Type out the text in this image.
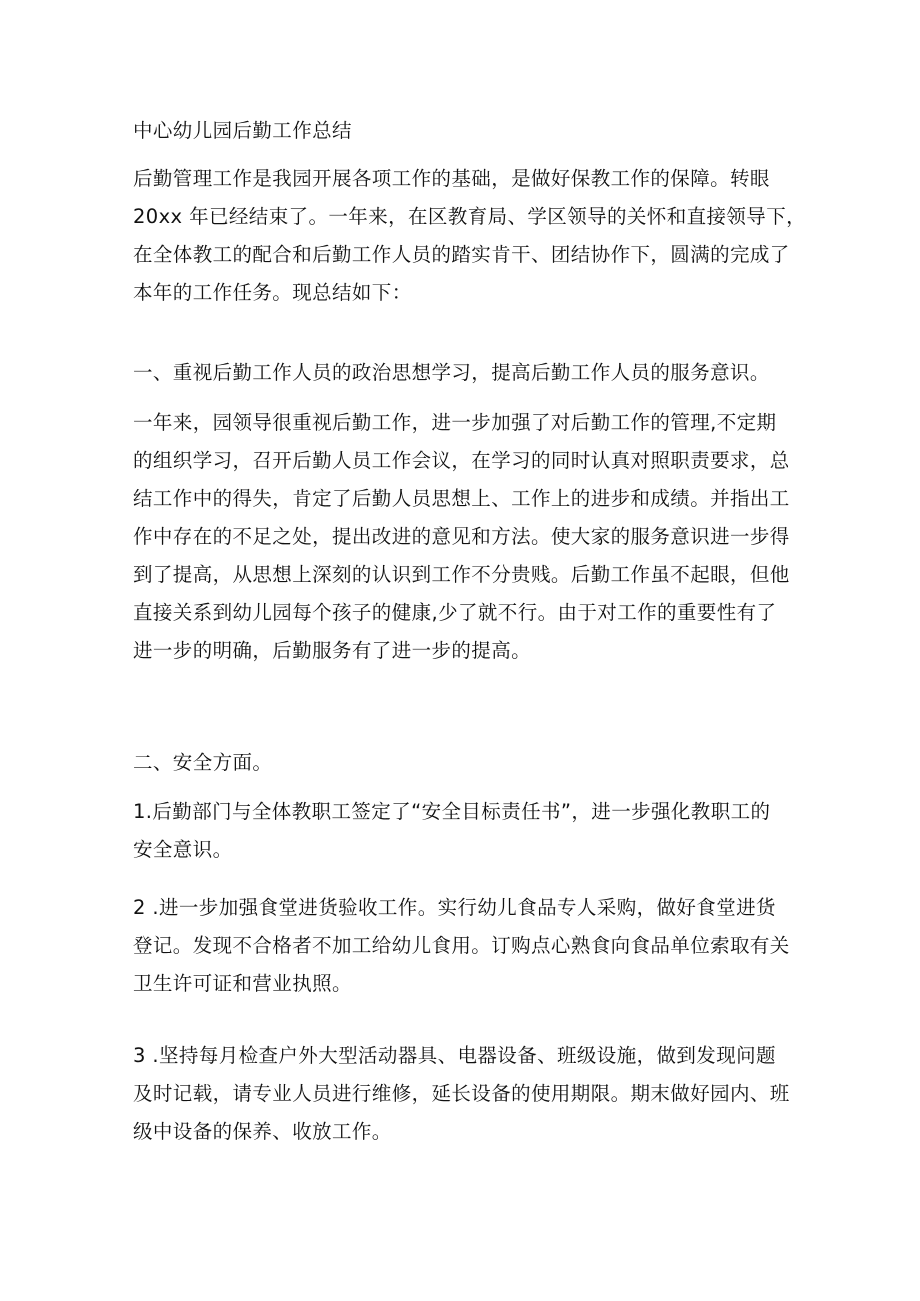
中心幼儿园后勤工作总结
后勤管理工作是我园开展各项工作的基础，是做好保教工作的保障。转眼
20xx 年已经结束了。一年来，在区教育局、学区领导的关怀和直接领导下，
在全体教工的配合和后勤工作人员的踏实肯干、团结协作下，圆满的完成了
本年的工作任务。现总结如下：
一、重视后勤工作人员的政治思想学习，提高后勤工作人员的服务意识。
一年来，园领导很重视后勤工作，进一步加强了对后勤工作的管理,不定期
的组织学习，召开后勤人员工作会议，在学习的同时认真对照职责要求，总
结工作中的得失，肯定了后勤人员思想上、工作上的进步和成绩。并指出工
作中存在的不足之处，提出改进的意见和方法。使大家的服务意识进一步得
到了提高，从思想上深刻的认识到工作不分贵贱。后勤工作虽不起眼，但他
直接关系到幼儿园每个孩子的健康,少了就不行。由于对工作的重要性有了
进一步的明确，后勤服务有了进一步的提高。
二、安全方面。
1.后勤部门与全体教职工签定了“安全目标责任书”，进一步强化教职工的
安全意识。
2 .进一步加强食堂进货验收工作。实行幼儿食品专人采购，做好食堂进货
登记。发现不合格者不加工给幼儿食用。订购点心熟食向食品单位索取有关
卫生许可证和营业执照。
3 .坚持每月检查户外大型活动器具、电器设备、班级设施，做到发现问题
及时记载，请专业人员进行维修，延长设备的使用期限。期末做好园内、班
级中设备的保养、收放工作。
